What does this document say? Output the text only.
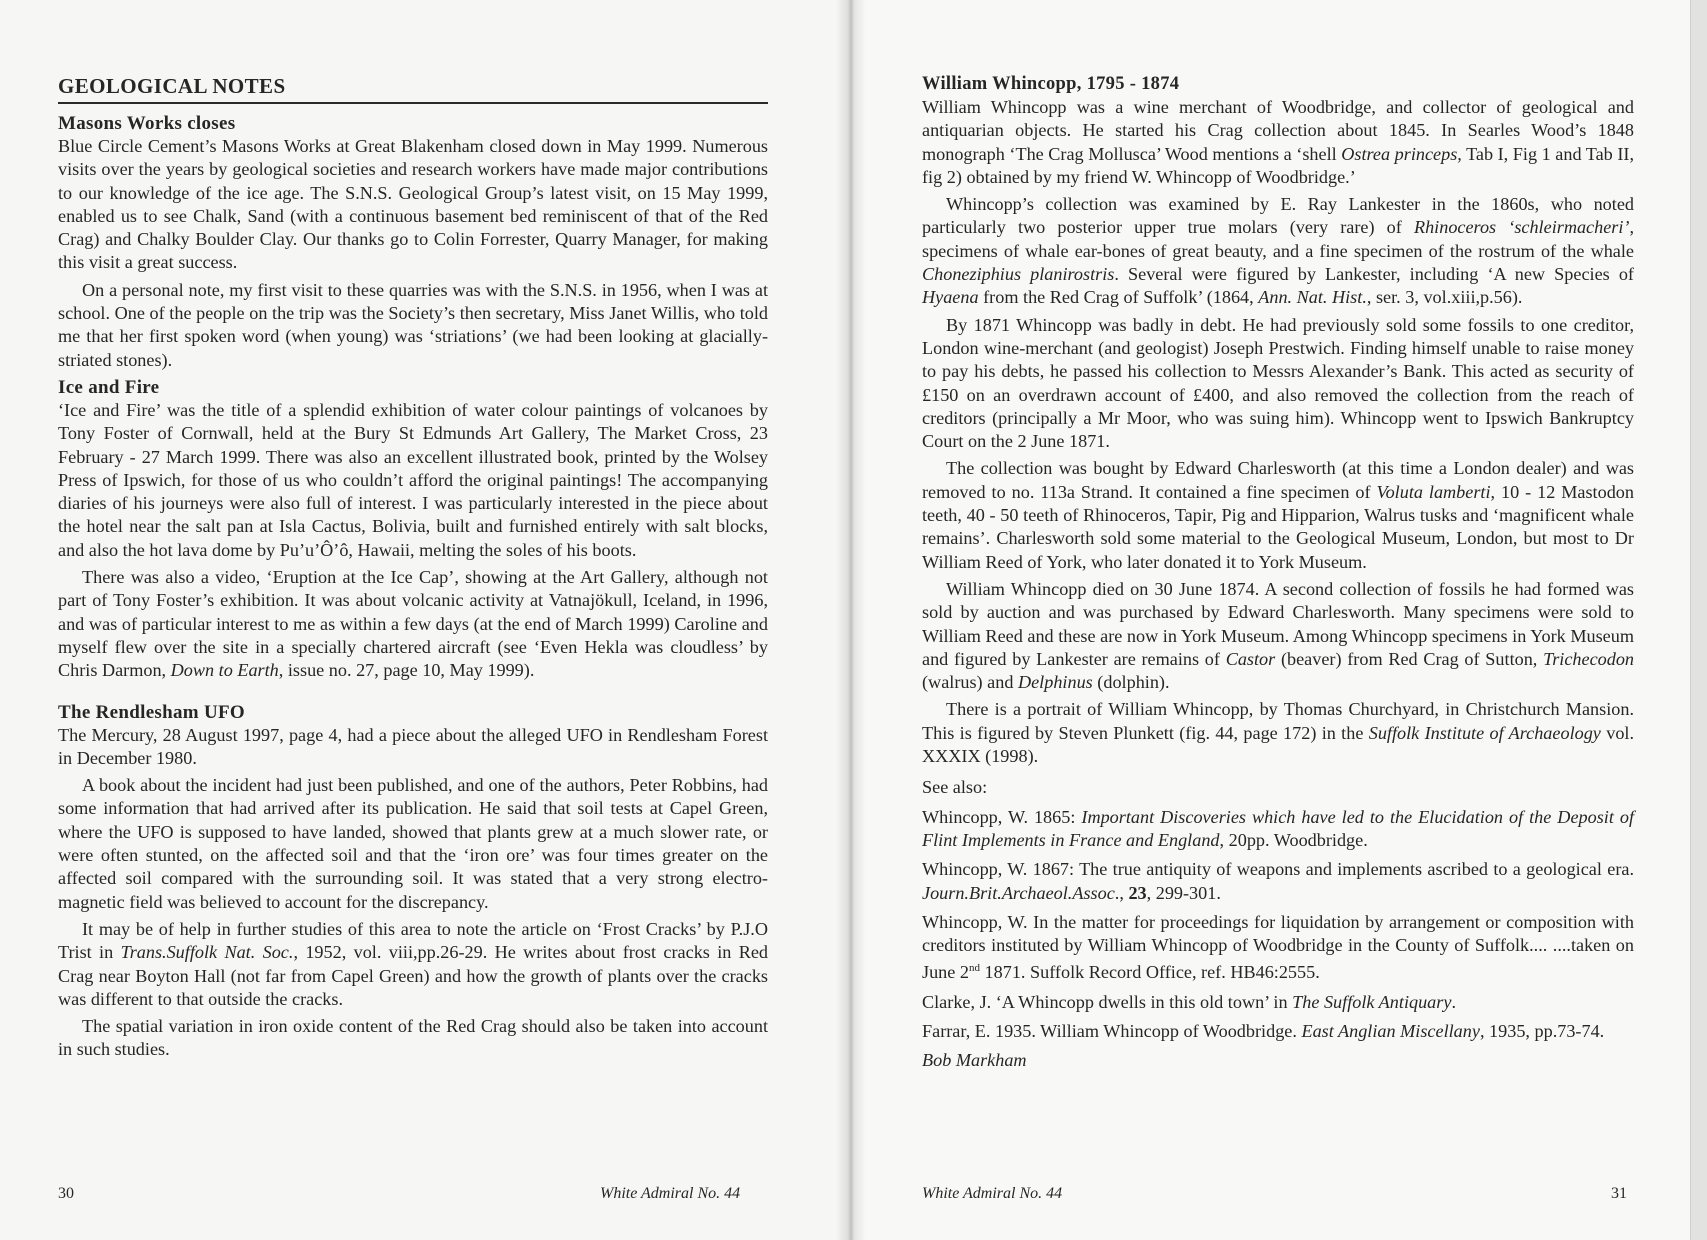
GEOLOGICAL NOTES
Masons Works closes

Blue Circle Cement’s Masons Works at Great Blakenham closed down in May 1999. Numerous visits over the years by geological societies and research workers have made major contributions to our knowledge of the ice age. The S.N.S. Geological Group’s latest visit, on 15 May 1999, enabled us to see Chalk, Sand (with a continuous basement bed reminiscent of that of the Red Crag) and Chalky Boulder Clay. Our thanks go to Colin Forrester, Quarry Manager, for making this visit a great success.

On a personal note, my first visit to these quarries was with the S.N.S. in 1956, when I was at school. One of the people on the trip was the Society’s then secretary, Miss Janet Willis, who told me that her first spoken word (when young) was ‘striations’ (we had been looking at glacially-striated stones).

Ice and Fire

‘Ice and Fire’ was the title of a splendid exhibition of water colour paintings of volcanoes by Tony Foster of Cornwall, held at the Bury St Edmunds Art Gallery, The Market Cross, 23 February - 27 March 1999. There was also an excellent illustrated book, printed by the Wolsey Press of Ipswich, for those of us who couldn’t afford the original paintings! The accompanying diaries of his journeys were also full of interest. I was particularly interested in the piece about the hotel near the salt pan at Isla Cactus, Bolivia, built and furnished entirely with salt blocks, and also the hot lava dome by Pu’u’Ô’ô, Hawaii, melting the soles of his boots.

There was also a video, ‘Eruption at the Ice Cap’, showing at the Art Gallery, although not part of Tony Foster’s exhibition. It was about volcanic activity at Vatnajökull, Iceland, in 1996, and was of particular interest to me as within a few days (at the end of March 1999) Caroline and myself flew over the site in a specially chartered aircraft (see ‘Even Hekla was cloudless’ by Chris Darmon, Down to Earth, issue no. 27, page 10, May 1999).

The Rendlesham UFO

The Mercury, 28 August 1997, page 4, had a piece about the alleged UFO in Rendlesham Forest in December 1980.

A book about the incident had just been published, and one of the authors, Peter Robbins, had some information that had arrived after its publication. He said that soil tests at Capel Green, where the UFO is supposed to have landed, showed that plants grew at a much slower rate, or were often stunted, on the affected soil and that the ‘iron ore’ was four times greater on the affected soil compared with the surrounding soil. It was stated that a very strong electro-magnetic field was believed to account for the discrepancy.

It may be of help in further studies of this area to note the article on ‘Frost Cracks’ by P.J.O Trist in Trans.Suffolk Nat. Soc., 1952, vol. viii,pp.26-29. He writes about frost cracks in Red Crag near Boyton Hall (not far from Capel Green) and how the growth of plants over the cracks was different to that outside the cracks.

The spatial variation in iron oxide content of the Red Crag should also be taken into account in such studies.

30	White Admiral No. 44
William Whincopp, 1795 - 1874

William Whincopp was a wine merchant of Woodbridge, and collector of geological and antiquarian objects. He started his Crag collection about 1845. In Searles Wood’s 1848 monograph ‘The Crag Mollusca’ Wood mentions a ‘shell Ostrea princeps, Tab I, Fig 1 and Tab II, fig 2) obtained by my friend W. Whincopp of Woodbridge.’

Whincopp’s collection was examined by E. Ray Lankester in the 1860s, who noted particularly two posterior upper true molars (very rare) of Rhinoceros ‘schleirmacheri’, specimens of whale ear-bones of great beauty, and a fine specimen of the rostrum of the whale Choneziphius planirostris. Several were figured by Lankester, including ‘A new Species of Hyaena from the Red Crag of Suffolk’ (1864, Ann. Nat. Hist., ser. 3, vol.xiii,p.56).

By 1871 Whincopp was badly in debt. He had previously sold some fossils to one creditor, London wine-merchant (and geologist) Joseph Prestwich. Finding himself unable to raise money to pay his debts, he passed his collection to Messrs Alexander’s Bank. This acted as security of £150 on an overdrawn account of £400, and also removed the collection from the reach of creditors (principally a Mr Moor, who was suing him). Whincopp went to Ipswich Bankruptcy Court on the 2 June 1871.

The collection was bought by Edward Charlesworth (at this time a London dealer) and was removed to no. 113a Strand. It contained a fine specimen of Voluta lamberti, 10 - 12 Mastodon teeth, 40 - 50 teeth of Rhinoceros, Tapir, Pig and Hipparion, Walrus tusks and ‘magnificent whale remains’. Charlesworth sold some material to the Geological Museum, London, but most to Dr William Reed of York, who later donated it to York Museum.

William Whincopp died on 30 June 1874. A second collection of fossils he had formed was sold by auction and was purchased by Edward Charlesworth. Many specimens were sold to William Reed and these are now in York Museum. Among Whincopp specimens in York Museum and figured by Lankester are remains of Castor (beaver) from Red Crag of Sutton, Trichecodon (walrus) and Delphinus (dolphin).

There is a portrait of William Whincopp, by Thomas Churchyard, in Christchurch Mansion. This is figured by Steven Plunkett (fig. 44, page 172) in the Suffolk Institute of Archaeology vol. XXXIX (1998).

See also:

Whincopp, W. 1865: Important Discoveries which have led to the Elucidation of the Deposit of Flint Implements in France and England, 20pp. Woodbridge.

Whincopp, W. 1867: The true antiquity of weapons and implements ascribed to a geological era. Journ.Brit.Archaeol.Assoc., 23, 299-301.

Whincopp, W. In the matter for proceedings for liquidation by arrangement or composition with creditors instituted by William Whincopp of Woodbridge in the County of Suffolk.... ....taken on June 2nd 1871. Suffolk Record Office, ref. HB46:2555.

Clarke, J. ‘A Whincopp dwells in this old town’ in The Suffolk Antiquary.

Farrar, E. 1935. William Whincopp of Woodbridge. East Anglian Miscellany, 1935, pp.73-74.

Bob Markham

White Admiral No. 44	31
